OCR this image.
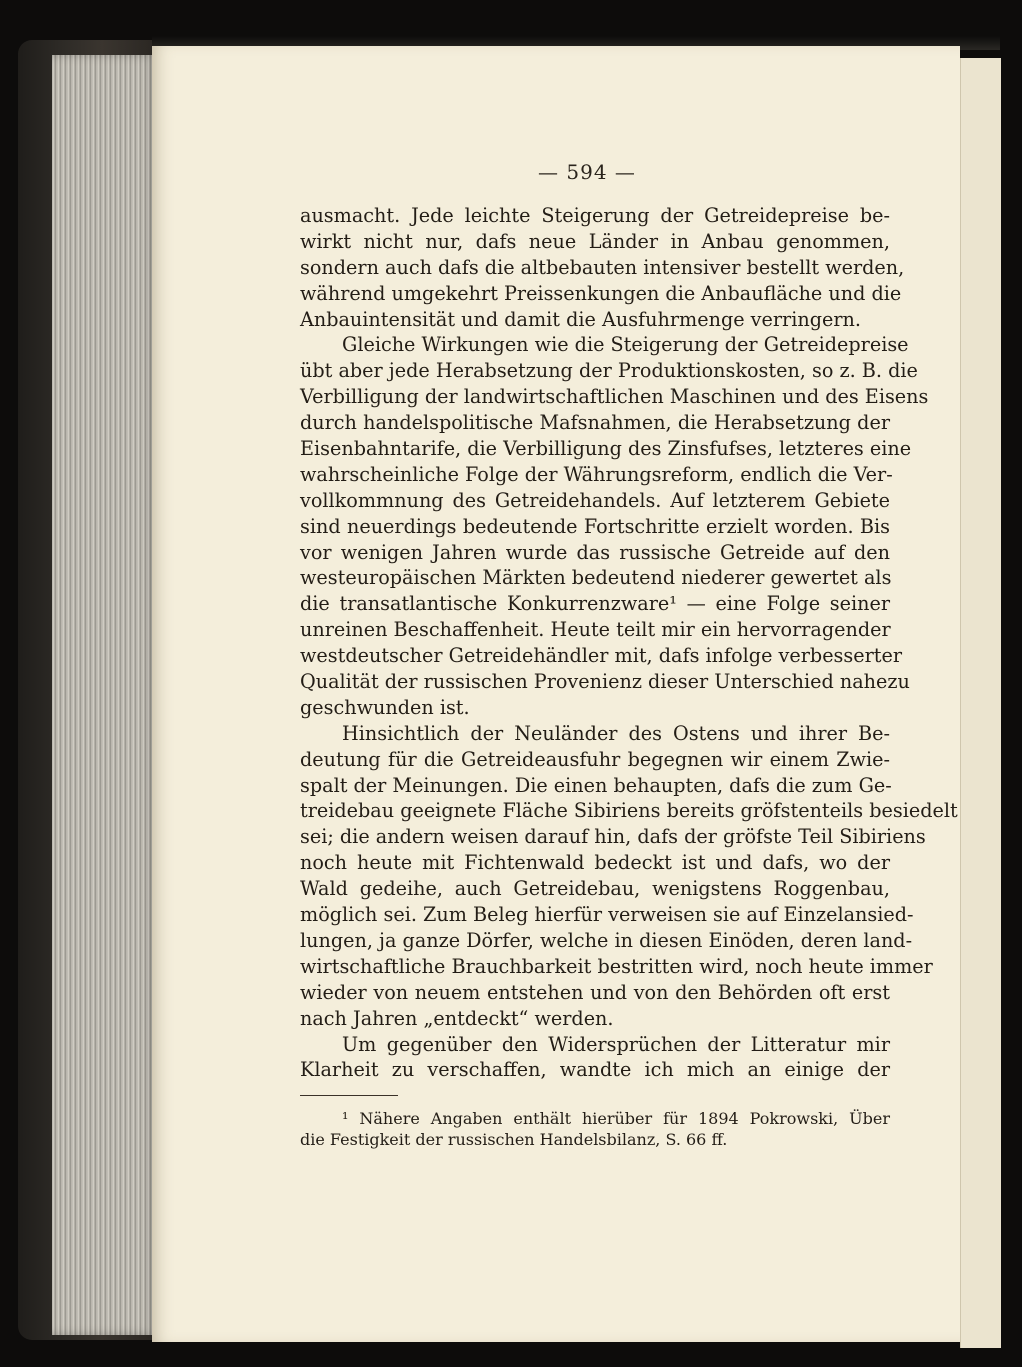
— 594 —
ausmacht. Jede leichte Steigerung der Getreidepreise be-
wirkt nicht nur, dafs neue Länder in Anbau genommen,
sondern auch dafs die altbebauten intensiver bestellt werden,
während umgekehrt Preissenkungen die Anbaufläche und die
Anbauintensität und damit die Ausfuhrmenge verringern.
Gleiche Wirkungen wie die Steigerung der Getreidepreise
übt aber jede Herabsetzung der Produktionskosten, so z. B. die
Verbilligung der landwirtschaftlichen Maschinen und des Eisens
durch handelspolitische Mafsnahmen, die Herabsetzung der
Eisenbahntarife, die Verbilligung des Zinsfufses, letzteres eine
wahrscheinliche Folge der Währungsreform, endlich die Ver-
vollkommnung des Getreidehandels. Auf letzterem Gebiete
sind neuerdings bedeutende Fortschritte erzielt worden. Bis
vor wenigen Jahren wurde das russische Getreide auf den
westeuropäischen Märkten bedeutend niederer gewertet als
die transatlantische Konkurrenzware¹ — eine Folge seiner
unreinen Beschaffenheit. Heute teilt mir ein hervorragender
westdeutscher Getreidehändler mit, dafs infolge verbesserter
Qualität der russischen Provenienz dieser Unterschied nahezu
geschwunden ist.
Hinsichtlich der Neuländer des Ostens und ihrer Be-
deutung für die Getreideausfuhr begegnen wir einem Zwie-
spalt der Meinungen. Die einen behaupten, dafs die zum Ge-
treidebau geeignete Fläche Sibiriens bereits gröfstenteils besiedelt
sei; die andern weisen darauf hin, dafs der gröfste Teil Sibiriens
noch heute mit Fichtenwald bedeckt ist und dafs, wo der
Wald gedeihe, auch Getreidebau, wenigstens Roggenbau,
möglich sei. Zum Beleg hierfür verweisen sie auf Einzelansied-
lungen, ja ganze Dörfer, welche in diesen Einöden, deren land-
wirtschaftliche Brauchbarkeit bestritten wird, noch heute immer
wieder von neuem entstehen und von den Behörden oft erst
nach Jahren „entdeckt“ werden.
Um gegenüber den Widersprüchen der Litteratur mir
Klarheit zu verschaffen, wandte ich mich an einige der
¹ Nähere Angaben enthält hierüber für 1894 Pokrowski, Über
die Festigkeit der russischen Handelsbilanz, S. 66 ff.
